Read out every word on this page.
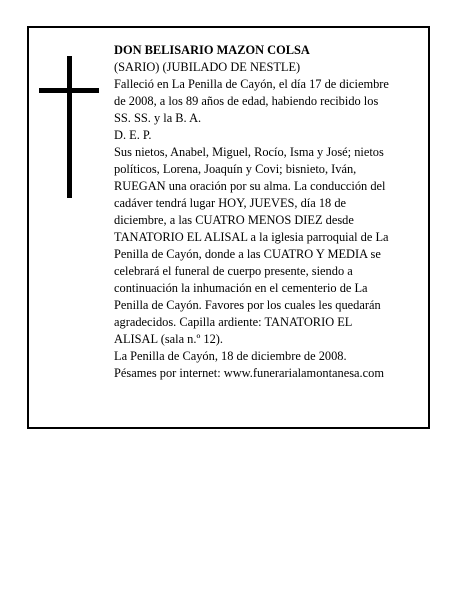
DON BELISARIO MAZON COLSA
(SARIO) (JUBILADO DE NESTLE)
Falleció en La Penilla de Cayón, el día 17 de diciembre
de 2008, a los 89 años de edad, habiendo recibido los
SS. SS. y la B. A.
D. E. P.
Sus nietos, Anabel, Miguel, Rocío, Isma y José; nietos
políticos, Lorena, Joaquín y Covi; bisnieto, Iván,
RUEGAN una oración por su alma. La conducción del
cadáver tendrá lugar HOY, JUEVES, día 18 de
diciembre, a las CUATRO MENOS DIEZ desde
TANATORIO EL ALISAL a la iglesia parroquial de La
Penilla de Cayón, donde a las CUATRO Y MEDIA se
celebrará el funeral de cuerpo presente, siendo a
continuación la inhumación en el cementerio de La
Penilla de Cayón. Favores por los cuales les quedarán
agradecidos. Capilla ardiente: TANATORIO EL
ALISAL (sala n.º 12).
La Penilla de Cayón, 18 de diciembre de 2008.
Pésames por internet: www.funerarialamontanesa.com
